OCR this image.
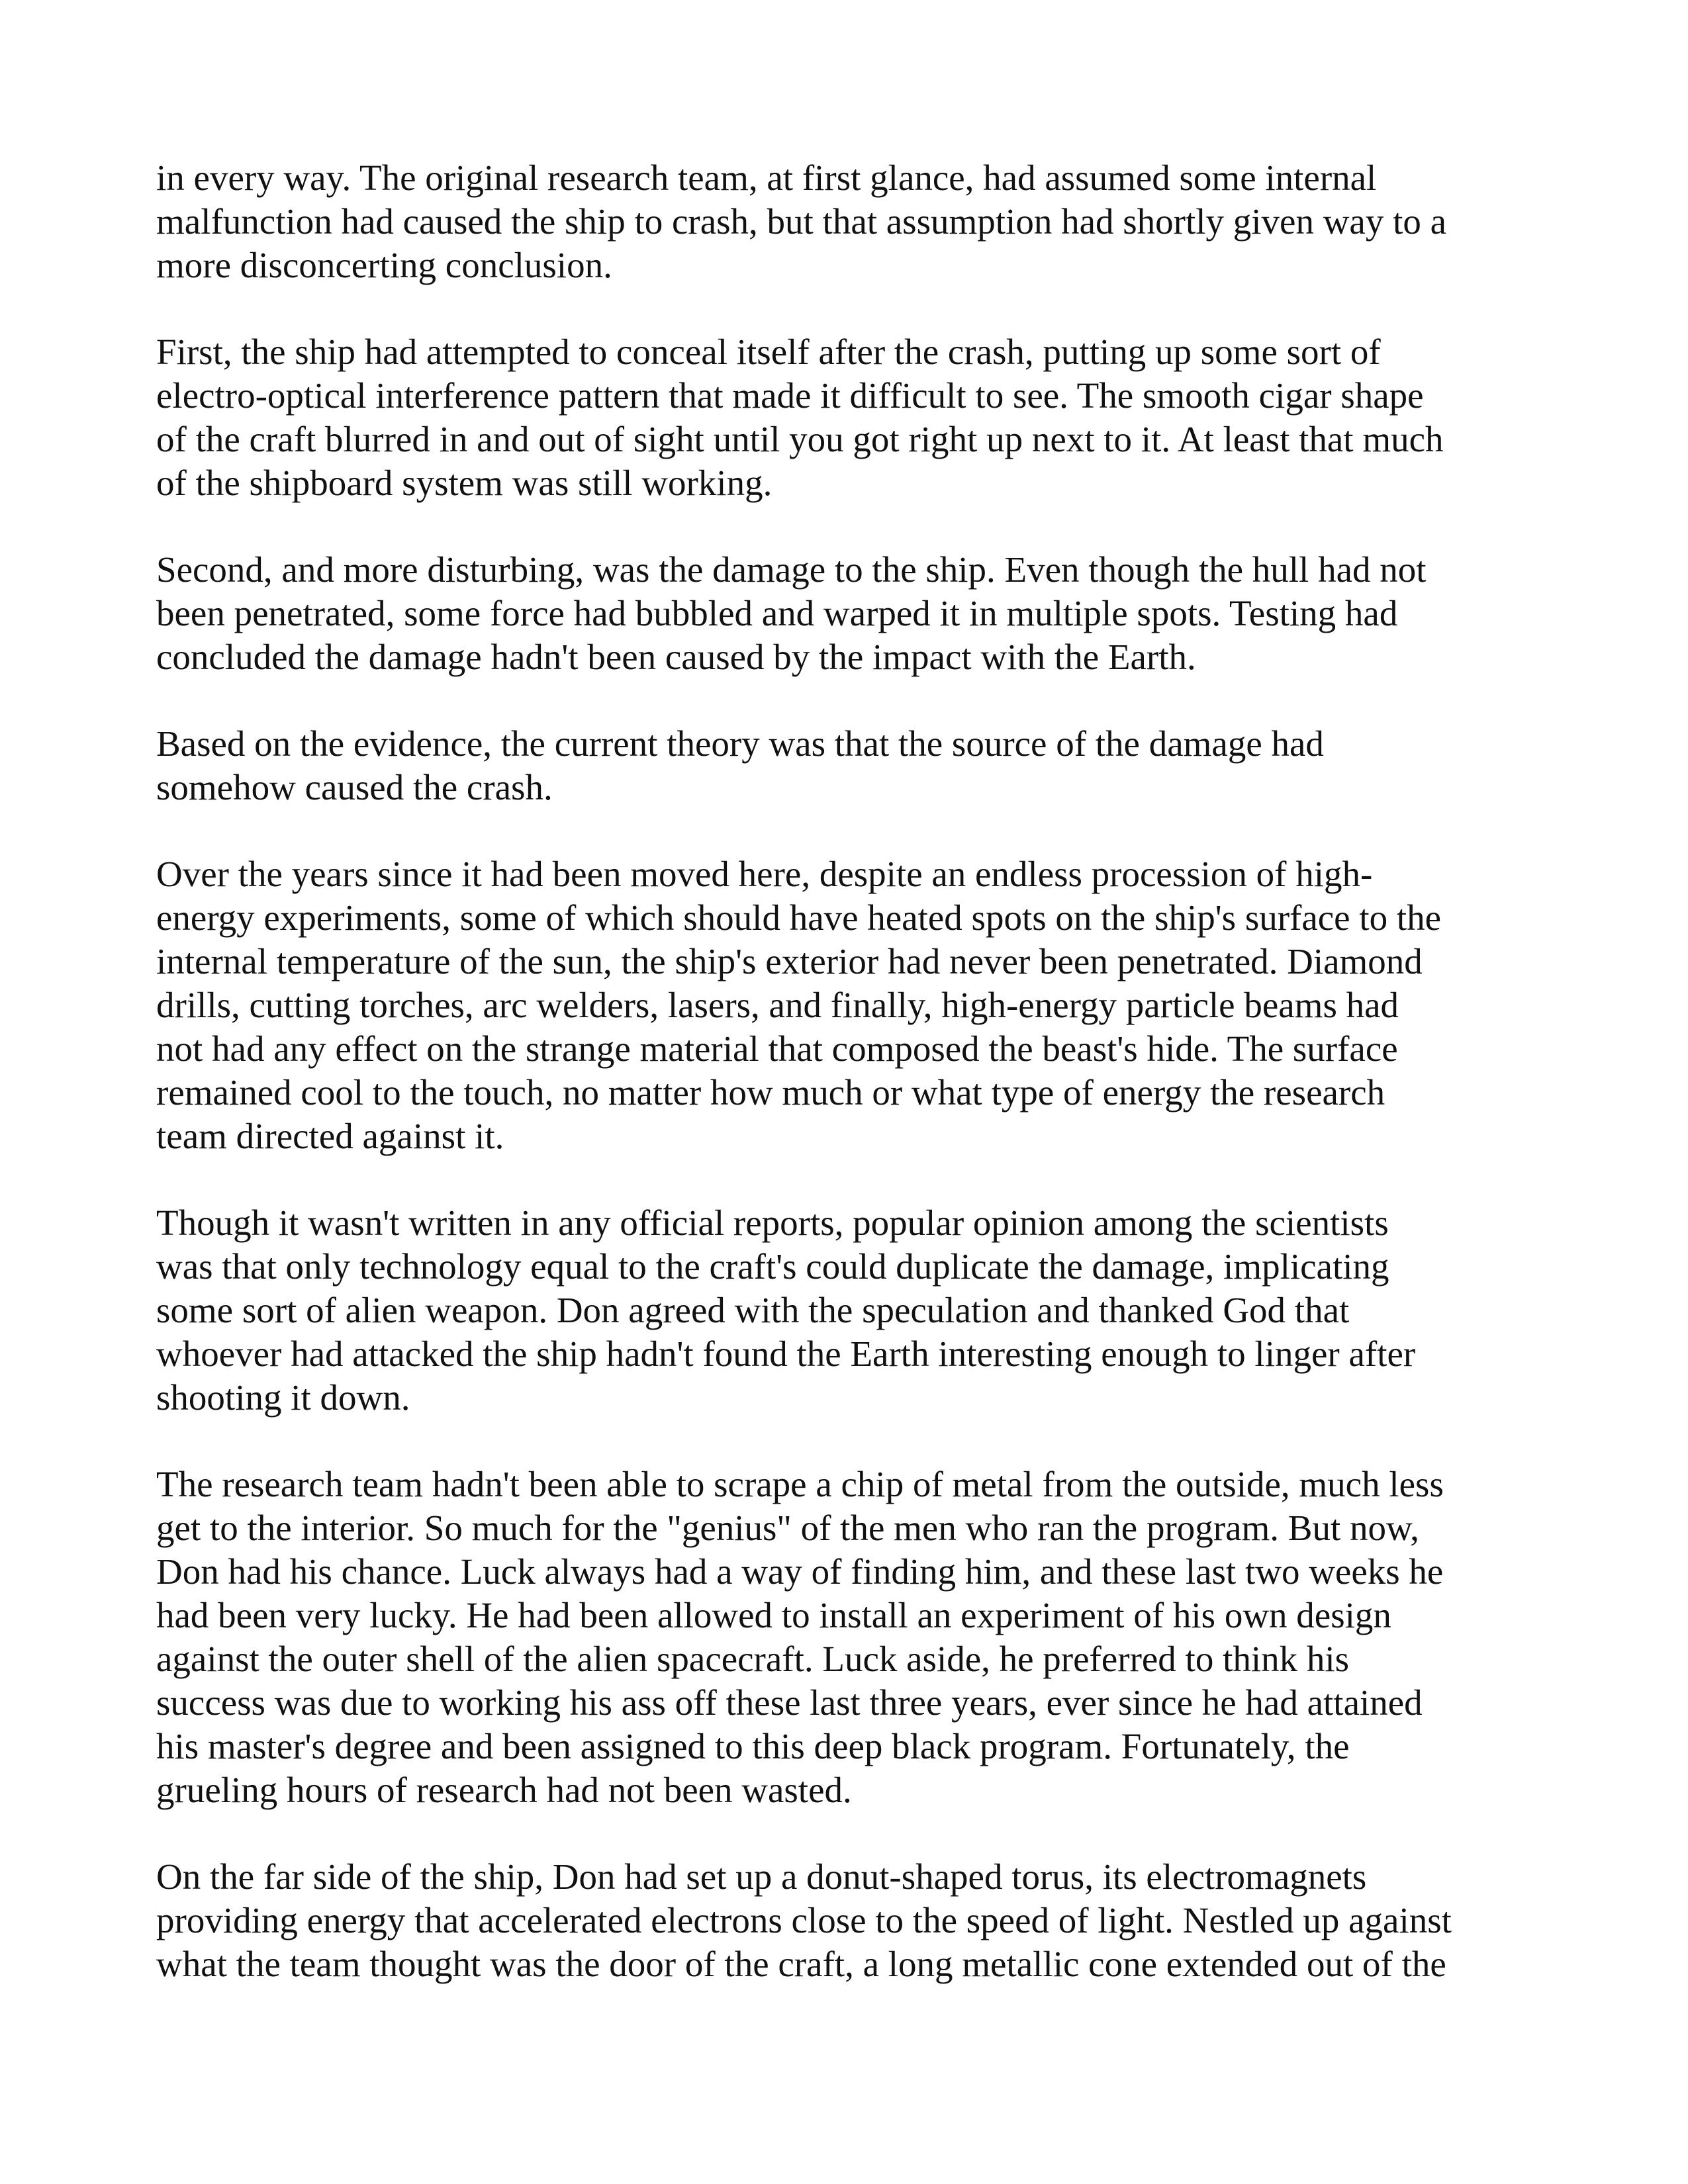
in every way. The original research team, at first glance, had assumed some internal
malfunction had caused the ship to crash, but that assumption had shortly given way to a
more disconcerting conclusion.

First, the ship had attempted to conceal itself after the crash, putting up some sort of
electro-optical interference pattern that made it difficult to see. The smooth cigar shape
of the craft blurred in and out of sight until you got right up next to it. At least that much
of the shipboard system was still working.

Second, and more disturbing, was the damage to the ship. Even though the hull had not
been penetrated, some force had bubbled and warped it in multiple spots. Testing had
concluded the damage hadn't been caused by the impact with the Earth.

Based on the evidence, the current theory was that the source of the damage had
somehow caused the crash.

Over the years since it had been moved here, despite an endless procession of high-
energy experiments, some of which should have heated spots on the ship's surface to the
internal temperature of the sun, the ship's exterior had never been penetrated. Diamond
drills, cutting torches, arc welders, lasers, and finally, high-energy particle beams had
not had any effect on the strange material that composed the beast's hide. The surface
remained cool to the touch, no matter how much or what type of energy the research
team directed against it.

Though it wasn't written in any official reports, popular opinion among the scientists
was that only technology equal to the craft's could duplicate the damage, implicating
some sort of alien weapon. Don agreed with the speculation and thanked God that
whoever had attacked the ship hadn't found the Earth interesting enough to linger after
shooting it down.

The research team hadn't been able to scrape a chip of metal from the outside, much less
get to the interior. So much for the "genius" of the men who ran the program. But now,
Don had his chance. Luck always had a way of finding him, and these last two weeks he
had been very lucky. He had been allowed to install an experiment of his own design
against the outer shell of the alien spacecraft. Luck aside, he preferred to think his
success was due to working his ass off these last three years, ever since he had attained
his master's degree and been assigned to this deep black program. Fortunately, the
grueling hours of research had not been wasted.

On the far side of the ship, Don had set up a donut-shaped torus, its electromagnets
providing energy that accelerated electrons close to the speed of light. Nestled up against
what the team thought was the door of the craft, a long metallic cone extended out of the
